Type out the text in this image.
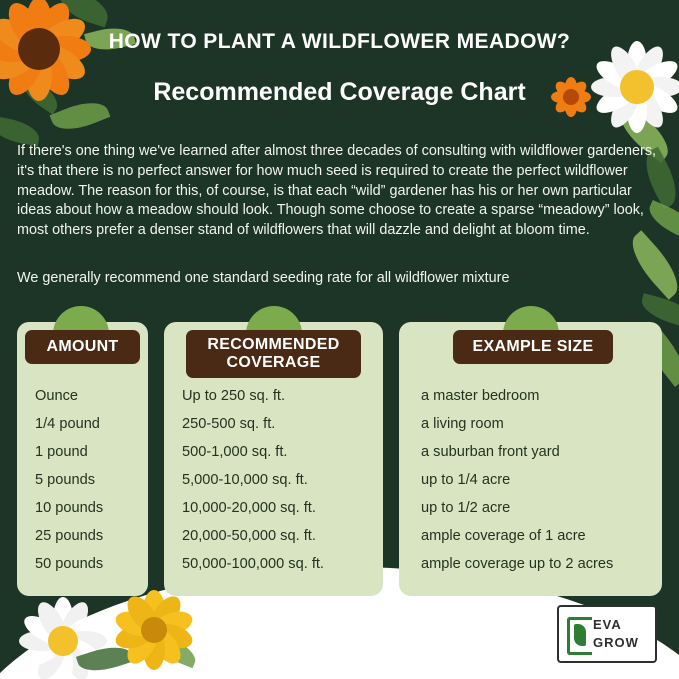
HOW TO PLANT A WILDFLOWER MEADOW?
Recommended Coverage Chart

If there's one thing we've learned after almost three decades of consulting with wildflower gardeners, it's that there is no perfect answer for how much seed is required to create the perfect wildflower meadow. The reason for this, of course, is that each “wild” gardener has his or her own particular ideas about how a meadow should look. Though some choose to create a sparse “meadowy” look, most others prefer a denser stand of wildflowers that will dazzle and delight at bloom time.

We generally recommend one standard seeding rate for all wildflower mixture

AMOUNT
Ounce
1/4 pound
1 pound
5 pounds
10 pounds
25 pounds
50 pounds
RECOMMENDED COVERAGE
Up to 250 sq. ft.
250-500 sq. ft.
500-1,000 sq. ft.
5,000-10,000 sq. ft.
10,000-20,000 sq. ft.
20,000-50,000 sq. ft.
50,000-100,000 sq. ft.
EXAMPLE SIZE
a master bedroom
a living room
a suburban front yard
up to 1/4 acre
up to 1/2 acre
ample coverage of 1 acre
ample coverage up to 2 acres
EVA
GROW
